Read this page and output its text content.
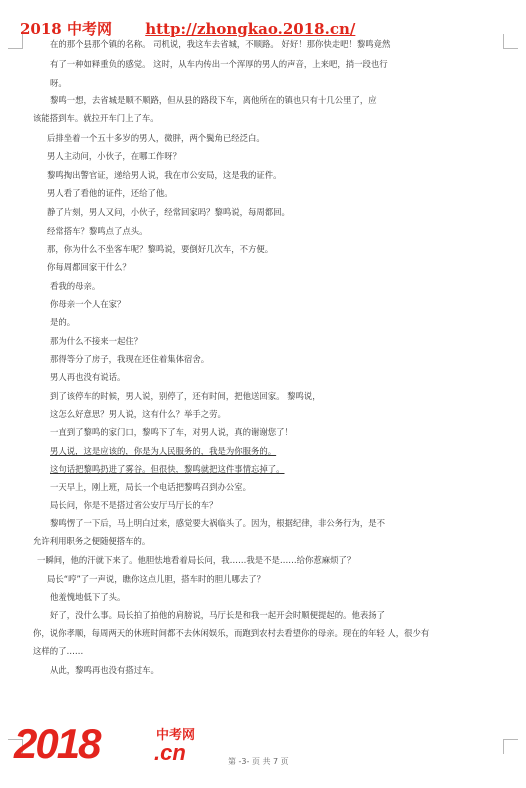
2018 中考网 http://zhongkao.2018.cn/
在的那个县那个镇的名称。 司机说，我这车去省城，不顺路。 好好！那你快走吧！黎鸣竟然
有了一种如释重负的感觉。 这时，从车内传出一个浑厚的男人的声音，上来吧，捎一段也行
呀。
黎鸣一想，去省城是顺不顺路，但从县的路段下车，离他所在的镇也只有十几公里了，应
该能搭到车。就拉开车门上了车。
后排坐着一个五十多岁的男人，微胖，两个鬓角已经泛白。
男人主动问，小伙子，在哪工作呀？
黎鸣掏出警官证，递给男人说，我在市公安局，这是我的证件。
男人看了看他的证件，还给了他。
静了片刻，男人又问，小伙子，经常回家吗？黎鸣说，每周都回。
经常搭车？黎鸣点了点头。
那，你为什么不坐客车呢？黎鸣说，要倒好几次车，不方便。
你每周都回家干什么？
看我的母亲。
你母亲一个人在家？
是的。
那为什么不接来一起住？
那得等分了房子，我现在还住着集体宿舍。
男人再也没有说话。
到了该停车的时候，男人说，别停了，还有时间，把他送回家。 黎鸣说，
这怎么好意思？男人说，这有什么？举手之劳。
一直到了黎鸣的家门口，黎鸣下了车，对男人说，真的谢谢您了！
男人说，这是应该的，你是为人民服务的，我是为你服务的。
这句话把黎鸣扔进了雾谷。但很快，黎鸣就把这件事情忘掉了。
一天早上，刚上班，局长一个电话把黎鸣召到办公室。
局长问，你是不是搭过省公安厅马厅长的车？
黎鸣愣了一下后，马上明白过来，感觉要大祸临头了。因为，根据纪律，非公务行为，是不
允许利用职务之便随便搭车的。
一瞬间，他的汗就下来了。他胆怯地看着局长问，我……我是不是……给你惹麻烦了？
局长“哼”了一声说，瞧你这点儿胆，搭车时的胆儿哪去了？
他羞愧地低下了头。
好了，没什么事。局长拍了拍他的肩膀说，马厅长是和我一起开会时顺便提起的。他表扬了
你，说你孝顺，每周两天的休班时间都不去休闲娱乐，而跑到农村去看望你的母亲。现在的年轻 人，很少有
这样的了……
从此，黎鸣再也没有搭过车。
2018	中考网
.cn	第 -3- 页 共 7 页
